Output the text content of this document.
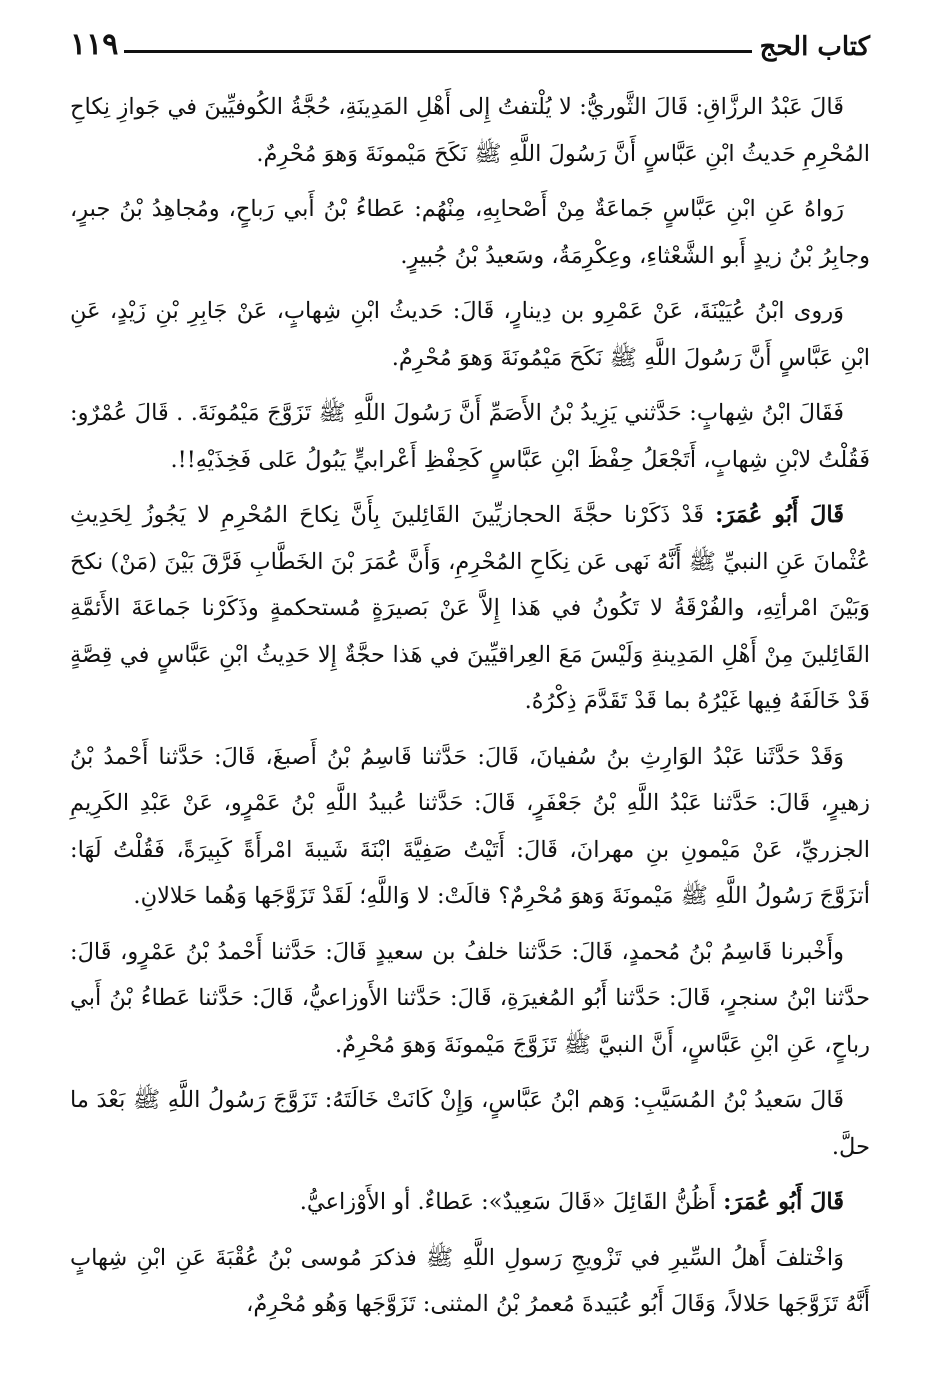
كتاب الحج
١١٩

قَالَ عَبْدُ الرزَّاقِ: قَالَ الثَّوريُّ: لا يُلْتفتُ إِلى أَهْلِ المَدِينَةِ، حُجَّةُ الكُوفيِّينَ في جَوازِ نِكاحِ المُحْرِمِ حَديثُ ابْنِ عَبَّاسٍ أَنَّ رَسُولَ اللَّهِ ﷺ نَكَحَ مَيْمونَةَ وَهوَ مُحْرِمٌ.

رَواهُ عَنِ ابْنِ عَبَّاسٍ جَماعَةٌ مِنْ أَصْحابِهِ، مِنْهُم: عَطاءُ بْنُ أَبي رَباحٍ، ومُجاهِدُ بْنُ جبرٍ، وجابِرُ بْنُ زيدٍ أَبو الشَّعْثاءِ، وعِكْرِمَةُ، وسَعيدُ بْنُ جُبيرٍ.

وَروى ابْنُ عُيَيْنَةَ، عَنْ عَمْرِو بن دِينارٍ، قَالَ: حَديثُ ابْنِ شِهابٍ، عَنْ جَابِرِ بْنِ زَيْدٍ، عَنِ ابْنِ عَبَّاسٍ أَنَّ رَسُولَ اللَّهِ ﷺ نَكَحَ مَيْمُونَةَ وَهوَ مُحْرِمٌ.

فَقَالَ ابْنُ شِهابٍ: حَدَّثني يَزِيدُ بْنُ الأَصَمِّ أَنَّ رَسُولَ اللَّهِ ﷺ تَزَوَّجَ مَيْمُونَةَ. . قَالَ عُمْرٌو: فَقُلْتُ لابْنِ شِهابٍ، أَتَجْعَلُ حِفْظَ ابْنِ عَبَّاسٍ كَحِفْظِ أَعْرابيٍّ يَبُولُ عَلى فَخِذَيْهِ!!.

قَالَ أَبُو عُمَرَ: قَدْ ذَكَرْنا حجَّةَ الحجازيِّينَ القَائِلينَ بِأَنَّ نِكاحَ المُحْرِمِ لا يَجُوزُ لِحَدِيثِ عُثْمانَ عَنِ النبيِّ ﷺ أَنَّهُ نَهى عَن نِكَاحِ المُحْرِمِ، وَأَنَّ عُمَرَ بْنَ الخَطَّابِ فَرَّقَ بَيْنَ (مَنْ) نكحَ وَبَيْنَ امْرأتِهِ، والفُرْقَةُ لا تَكُونُ في هَذا إِلاَّ عَنْ بَصيرَةٍ مُستحكمةٍ وذَكَرْنا جَماعَةَ الأَئمَّةِ القَائِلينَ مِنْ أَهْلِ المَدِينةِ وَلَيْسَ مَعَ العِراقيِّينَ في هَذا حجَّةٌ إِلا حَدِيثُ ابْنِ عَبَّاسٍ في قِصَّةٍ قَدْ خَالَفَهُ فِيها غَيْرُهُ بما قَدْ تَقَدَّمَ ذِكْرُهُ.

وَقَدْ حَدَّثَنا عَبْدُ الوَارِثِ بنُ سُفيانَ، قَالَ: حَدَّثنا قَاسِمُ بْنُ أَصبغَ، قَالَ: حَدَّثنا أَحْمدُ بْنُ زهيرٍ، قَالَ: حَدَّثنا عَبْدُ اللَّهِ بْنُ جَعْفَرٍ، قَالَ: حَدَّثنا عُبيدُ اللَّهِ بْنُ عَمْرٍو، عَنْ عَبْدِ الكَرِيمِ الجزريِّ، عَنْ مَيْمونِ بنِ مهرانَ، قَالَ: أَتَيْتُ صَفِيَّةَ ابْنَةَ شَيبةَ امْرأَةً كَبِيرَةً، فَقُلْتُ لَهَا: أتزَوَّجَ رَسُولُ اللَّهِ ﷺ مَيْمونَةَ وَهوَ مُحْرِمٌ؟ قالَتْ: لا وَاللَّهِ؛ لَقَدْ تَزَوَّجَها وَهُما حَلالانِ.

وأَخْبرنا قَاسِمُ بْنُ مُحمدٍ، قَالَ: حَدَّثنا خلفُ بن سعيدٍ قَالَ: حَدَّثنا أَحْمدُ بْنُ عَمْرٍو، قَالَ: حدَّثنا ابْنُ سنجرٍ، قَالَ: حَدَّثنا أَبُو المُغيرَةِ، قَالَ: حَدَّثنا الأَوزاعيُّ، قَالَ: حَدَّثنا عَطاءُ بْنُ أَبي رباحٍ، عَنِ ابْنِ عَبَّاسٍ، أَنَّ النبيَّ ﷺ تَزَوَّجَ مَيْمونَةَ وَهوَ مُحْرِمٌ.

قَالَ سَعيدُ بْنُ المُسَيَّبِ: وَهم ابْنُ عَبَّاسٍ، وَإِنْ كَانَتْ خَالَتَهُ: تَزَوَّجَ رَسُولُ اللَّهِ ﷺ بَعْدَ ما حلَّ.

قَالَ أَبُو عُمَرَ: أَظُنُّ القَائِلَ «قَالَ سَعِيدٌ»: عَطاءٌ. أو الأَوْزاعيُّ.

وَاخْتلفَ أَهلُ السِّيرِ في تَزْويجِ رَسولِ اللَّهِ ﷺ فذكرَ مُوسى بْنُ عُقْبَةَ عَنِ ابْنِ شِهابٍ أَنَّهُ تَزَوَّجَها حَلالاً، وَقَالَ أَبُو عُبَيدةَ مُعمرُ بْنُ المثنى: تَزَوَّجَها وَهُو مُحْرِمٌ،
